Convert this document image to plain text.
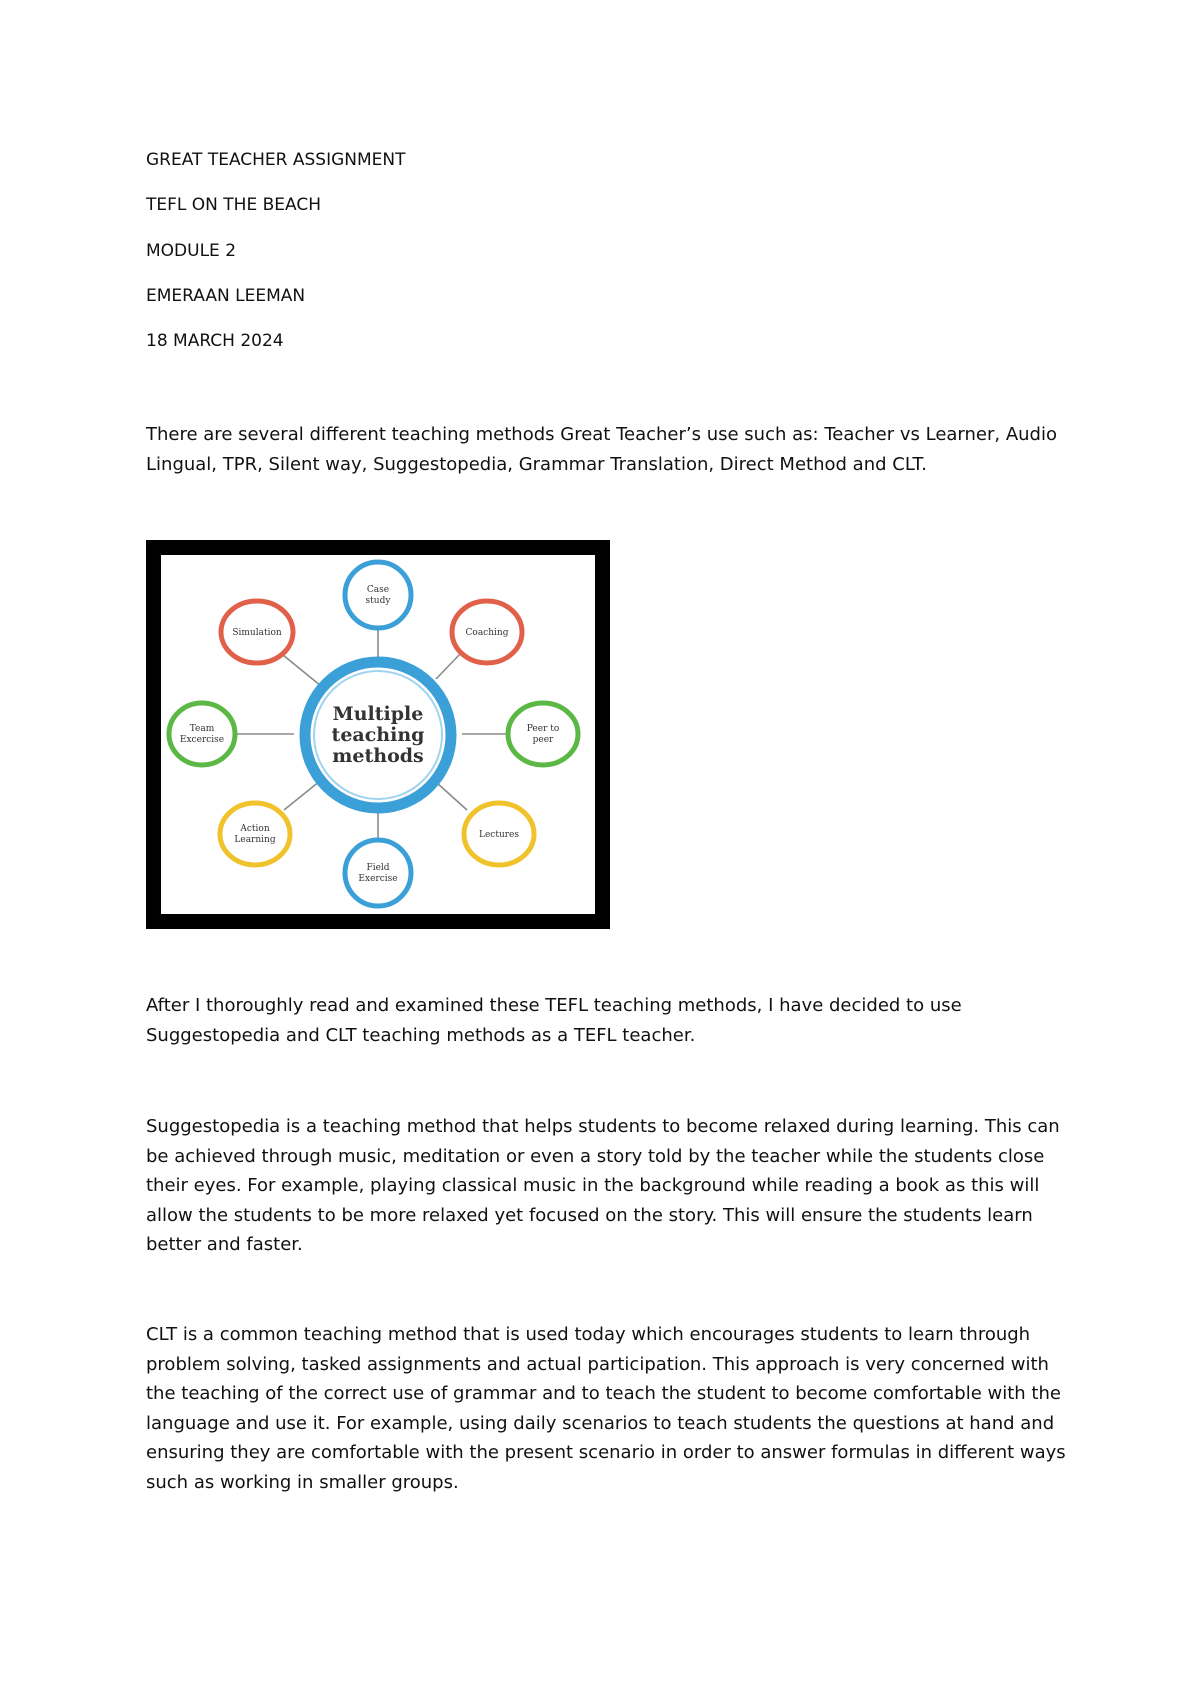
GREAT TEACHER ASSIGNMENT
TEFL ON THE BEACH
MODULE 2
EMERAAN LEEMAN
18 MARCH 2024

There are several different teaching methods Great Teacher’s use such as: Teacher vs Learner, Audio Lingual, TPR, Silent way, Suggestopedia, Grammar Translation, Direct Method and CLT.

Multiple
teaching
methods
Case
study
Coaching
Peer to
peer
Lectures
Field
Exercise
Action
Learning
Team
Excercise
Simulation

After I thoroughly read and examined these TEFL teaching methods, I have decided to use Suggestopedia and CLT teaching methods as a TEFL teacher.

Suggestopedia is a teaching method that helps students to become relaxed during learning. This can be achieved through music, meditation or even a story told by the teacher while the students close their eyes. For example, playing classical music in the background while reading a book as this will allow the students to be more relaxed yet focused on the story. This will ensure the students learn better and faster.

CLT is a common teaching method that is used today which encourages students to learn through problem solving, tasked assignments and actual participation. This approach is very concerned with the teaching of the correct use of grammar and to teach the student to become comfortable with the language and use it. For example, using daily scenarios to teach students the questions at hand and ensuring they are comfortable with the present scenario in order to answer formulas in different ways such as working in smaller groups.
